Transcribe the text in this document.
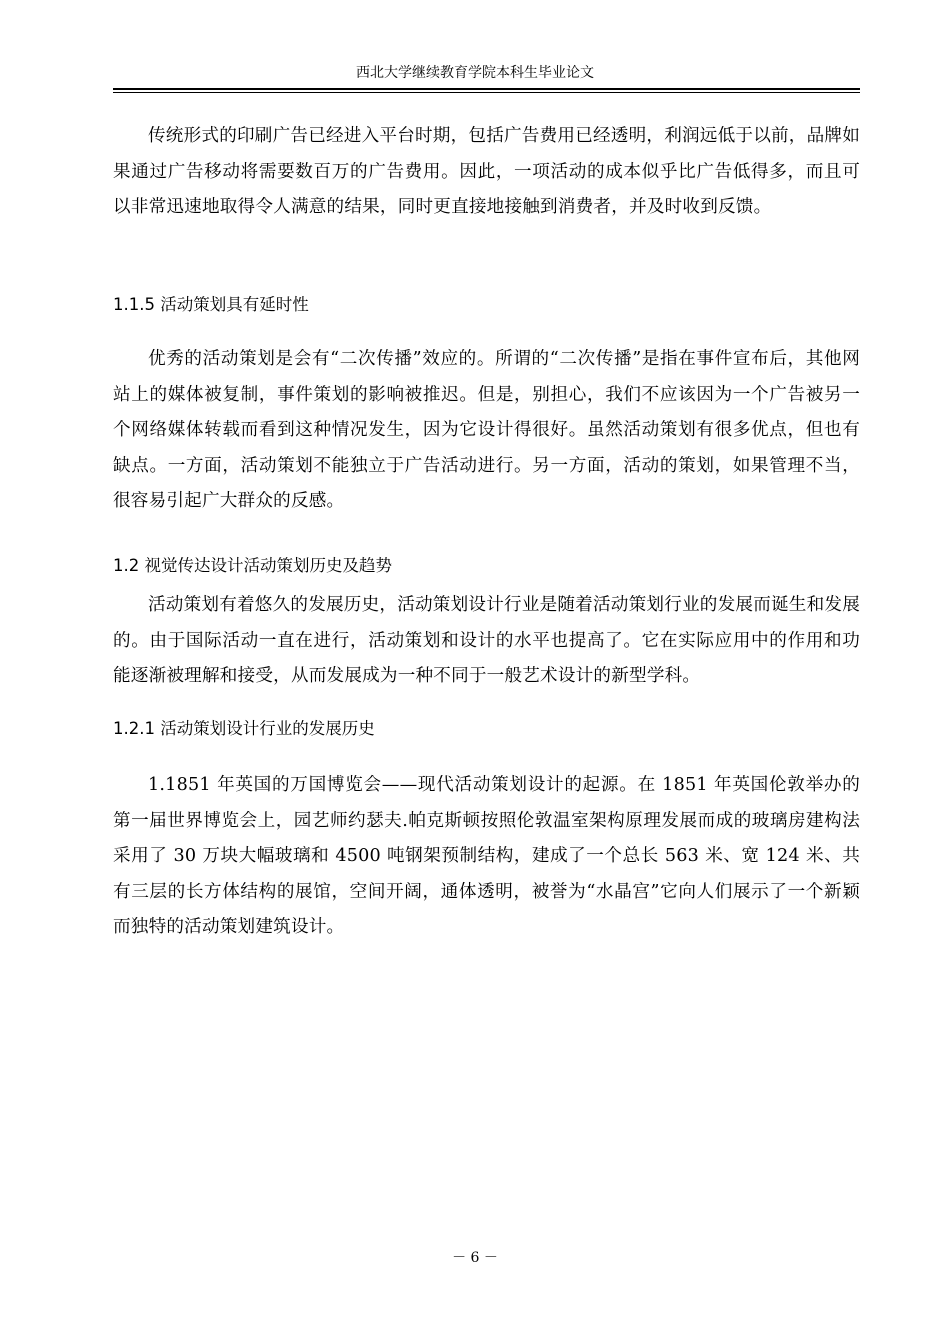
西北大学继续教育学院本科生毕业论文

传统形式的印刷广告已经进入平台时期，包括广告费用已经透明，利润远低于以前，品牌如果通过广告移动将需要数百万的广告费用。因此，一项活动的成本似乎比广告低得多，而且可以非常迅速地取得令人满意的结果，同时更直接地接触到消费者，并及时收到反馈。

1.1.5 活动策划具有延时性

优秀的活动策划是会有“二次传播”效应的。所谓的“二次传播”是指在事件宣布后，其他网站上的媒体被复制，事件策划的影响被推迟。但是，别担心，我们不应该因为一个广告被另一个网络媒体转载而看到这种情况发生，因为它设计得很好。虽然活动策划有很多优点，但也有缺点。一方面，活动策划不能独立于广告活动进行。另一方面，活动的策划，如果管理不当，很容易引起广大群众的反感。

1.2 视觉传达设计活动策划历史及趋势

活动策划有着悠久的发展历史，活动策划设计行业是随着活动策划行业的发展而诞生和发展的。由于国际活动一直在进行，活动策划和设计的水平也提高了。它在实际应用中的作用和功能逐渐被理解和接受，从而发展成为一种不同于一般艺术设计的新型学科。

1.2.1 活动策划设计行业的发展历史

1.1851 年英国的万国博览会——现代活动策划设计的起源。在 1851 年英国伦敦举办的第一届世界博览会上，园艺师约瑟夫.帕克斯顿按照伦敦温室架构原理发展而成的玻璃房建构法采用了 30 万块大幅玻璃和 4500 吨钢架预制结构，建成了一个总长 563 米、宽 124 米、共有三层的长方体结构的展馆，空间开阔，通体透明，被誉为“水晶宫”它向人们展示了一个新颖而独特的活动策划建筑设计。

－ 6 －
